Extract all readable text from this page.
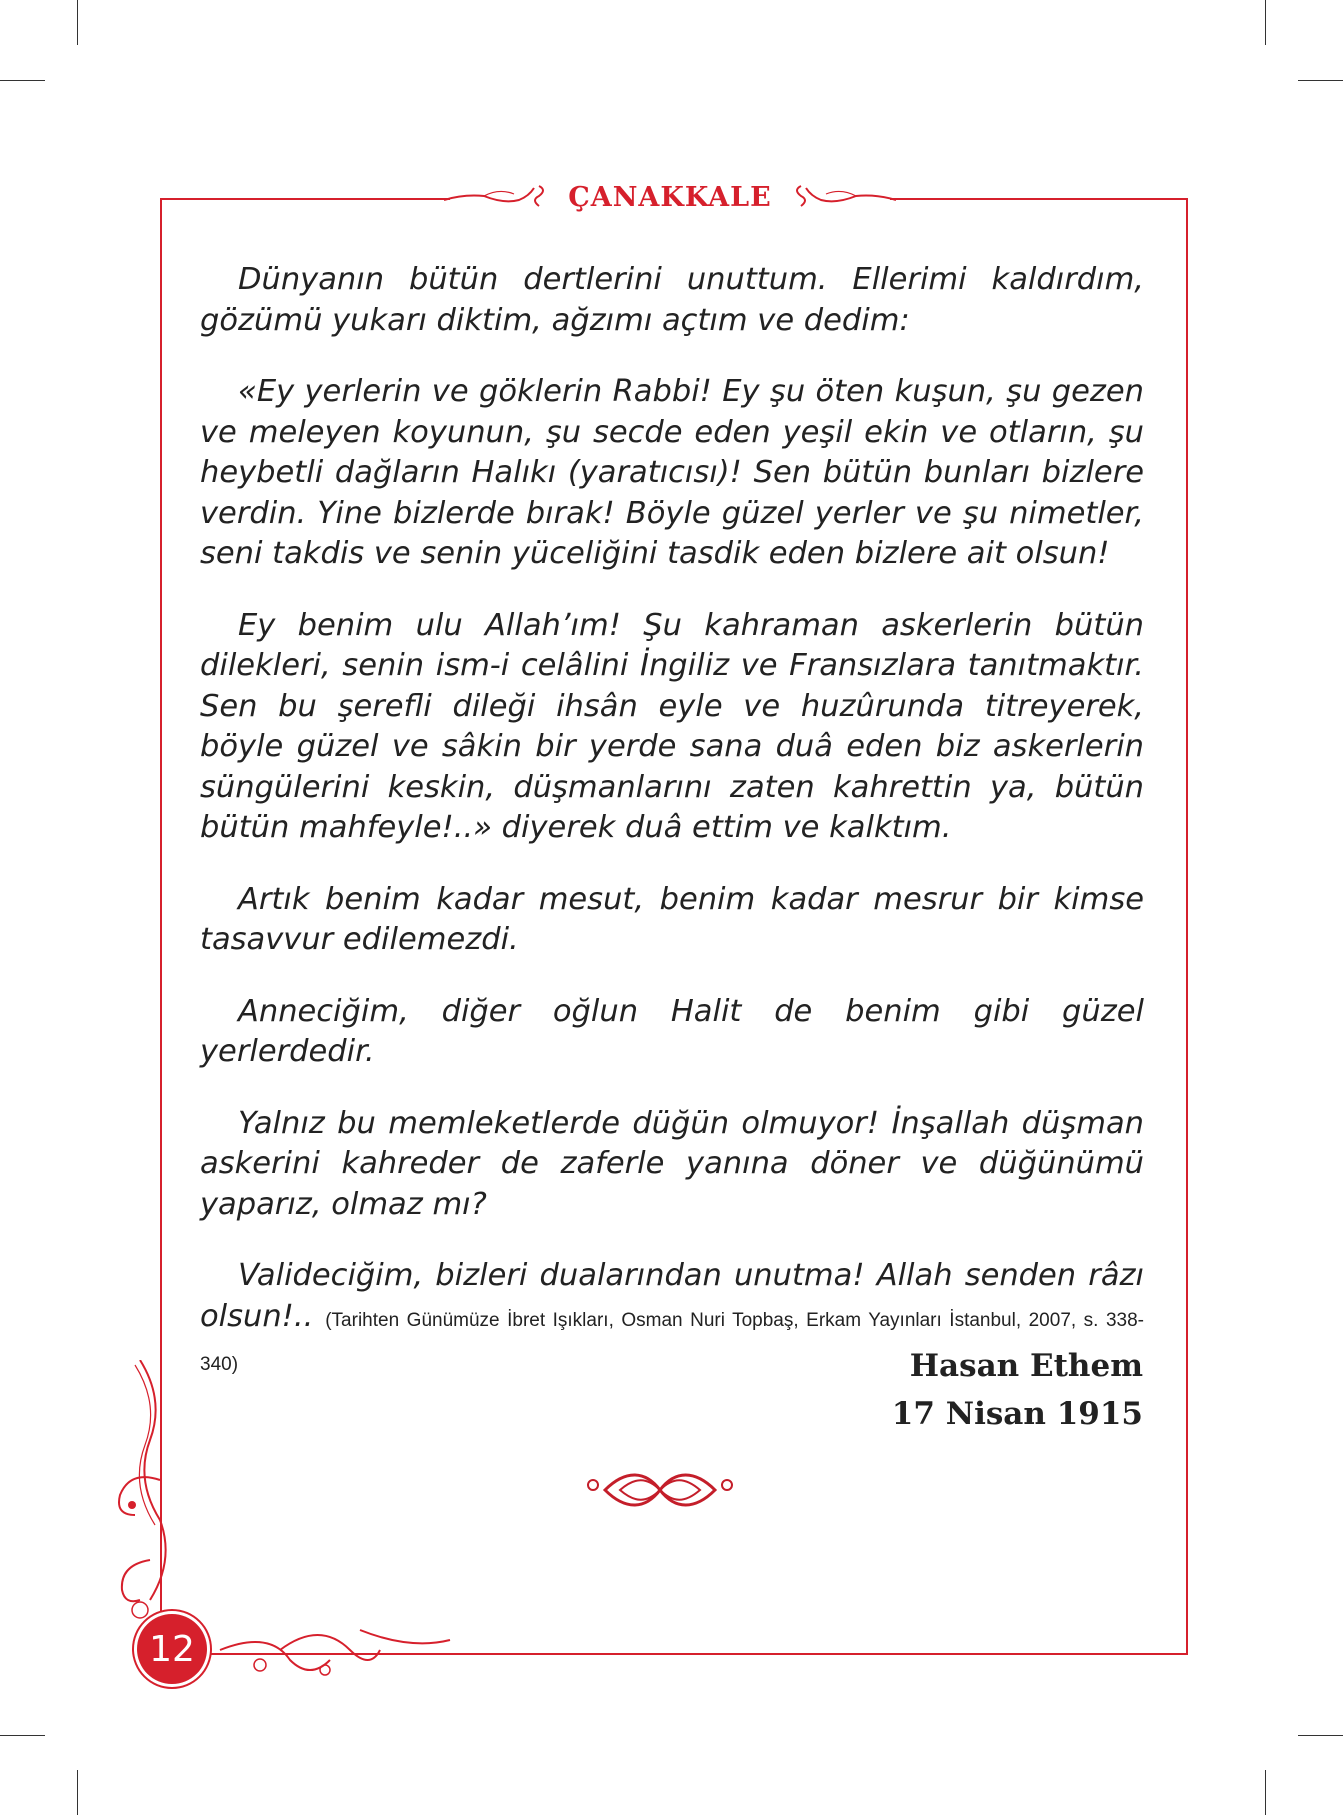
ÇANAKKALE

Dünyanın bütün dertlerini unuttum. Ellerimi kaldırdım, gözümü yukarı diktim, ağzımı açtım ve dedim:

«Ey yerlerin ve göklerin Rabbi! Ey şu öten kuşun, şu gezen ve meleyen koyunun, şu secde eden yeşil ekin ve otların, şu heybetli dağların Halıkı (yaratıcısı)! Sen bütün bunları bizlere verdin. Yine bizlerde bırak! Böyle güzel yerler ve şu nimetler, seni takdis ve senin yüceliğini tasdik eden bizlere ait olsun!

Ey benim ulu Allah’ım! Şu kahraman askerlerin bütün dilekleri, senin ism-i celâlini İngiliz ve Fransızlara tanıtmaktır. Sen bu şerefli dileği ihsân eyle ve huzûrunda titreyerek, böyle güzel ve sâkin bir yerde sana duâ eden biz askerlerin süngülerini keskin, düşmanlarını zaten kahrettin ya, bütün bütün mahfeyle!..» diyerek duâ ettim ve kalktım.

Artık benim kadar mesut, benim kadar mesrur bir kimse tasavvur edilemezdi.

Anneciğim, diğer oğlun Halit de benim gibi güzel yerlerdedir.

Yalnız bu memleketlerde düğün olmuyor! İnşallah düşman askerini kahreder de zaferle yanına döner ve düğünümü yaparız, olmaz mı?

Valideciğim, bizleri dualarından unutma! Allah senden râzı olsun!.. (Tarihten Günümüze İbret Işıkları, Osman Nuri Topbaş, Erkam Yayınları İstanbul, 2007, s. 338-340)	Hasan Ethem
17 Nisan 1915
12
